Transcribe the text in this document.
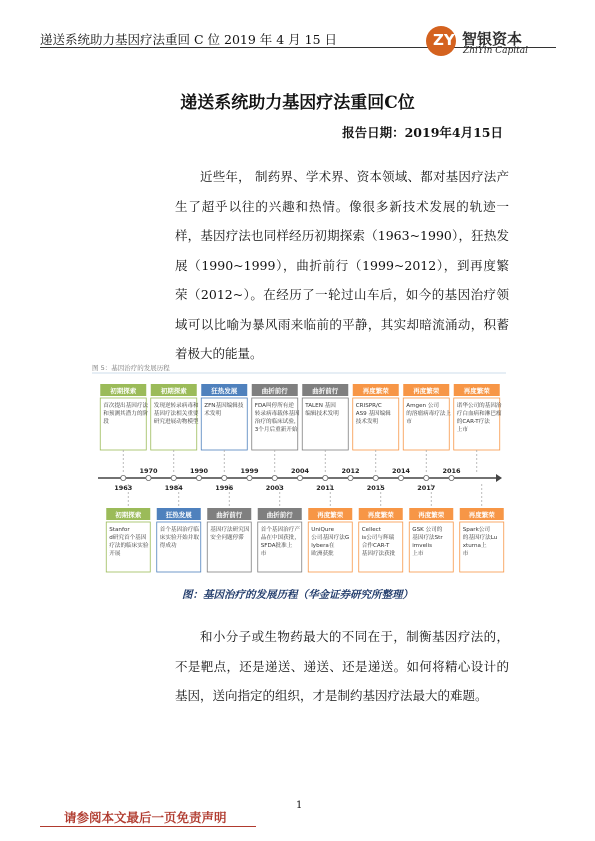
递送系统助力基因疗法重回 C 位 2019 年 4 月 15 日	ZY 智银资本
ZhiYin Capital
递送系统助力基因疗法重回C位
报告日期：2019年4月15日
近些年， 制药界、学术界、资本领域、都对基因疗法产生了超乎以往的兴趣和热情。像很多新技术发展的轨迹一样，基因疗法也同样经历初期探索（1963~1990），狂热发展（1990~1999），曲折前行（1999~2012），到再度繁荣（2012~）。在经历了一轮过山车后，如今的基因治疗领域可以比喻为暴风雨来临前的平静，其实却暗流涌动，积蓄着极大的能量。
图 5：基因治疗的发展历程
初期探索
首次提出基因疗法
和预测其潜力的阶
段
初期探索
发现逆转录病毒和
基因疗法相关重要
研究进展动物模型
狂热发展
ZFN基因编辑技
术发明
曲折前行
FDA叫停所有逆
转录病毒载体基因
治疗的临床试验，
3个月后重新开始
曲折前行
TALEN 基因
编辑技术发明
再度繁荣
CRISPR/C
AS9 基因编辑
技术发明
再度繁荣
Amgen 公司
的溶瘤病毒疗法上
市
再度繁荣
诺华公司的基因治
疗白血病和淋巴瘤
的CAR-T疗法
上市
初期探索
Stanfor
d研究首个基因
疗法的临床实验
开展
狂热发展
首个基因治疗临
床实验开始并取
得成功
曲折前行
基因疗法研究因
安全问题停滞
曲折前行
首个基因治疗产
品在中国获批，
SFDA批准上
市
再度繁荣
UniQure
公司基因疗法G
lybera在
欧洲获批
再度繁荣
Cellect
is公司与辉瑞
合作CAR-T
基因疗法获批
再度繁荣
GSK 公司的
基因疗法Str
imvelis
上市
再度繁荣
Spark公司
的基因疗法Lu
xturna上
市
1970	1990	1999	2004	2012	2014	2016
1963	1984	1996	2003	2011	2015	2017
图：基因治疗的发展历程（华金证券研究所整理）
和小分子或生物药最大的不同在于，制衡基因疗法的，不是靶点，还是递送、递送、还是递送。如何将精心设计的基因，送向指定的组织，才是制约基因疗法最大的难题。
1
请参阅本文最后一页免责声明
